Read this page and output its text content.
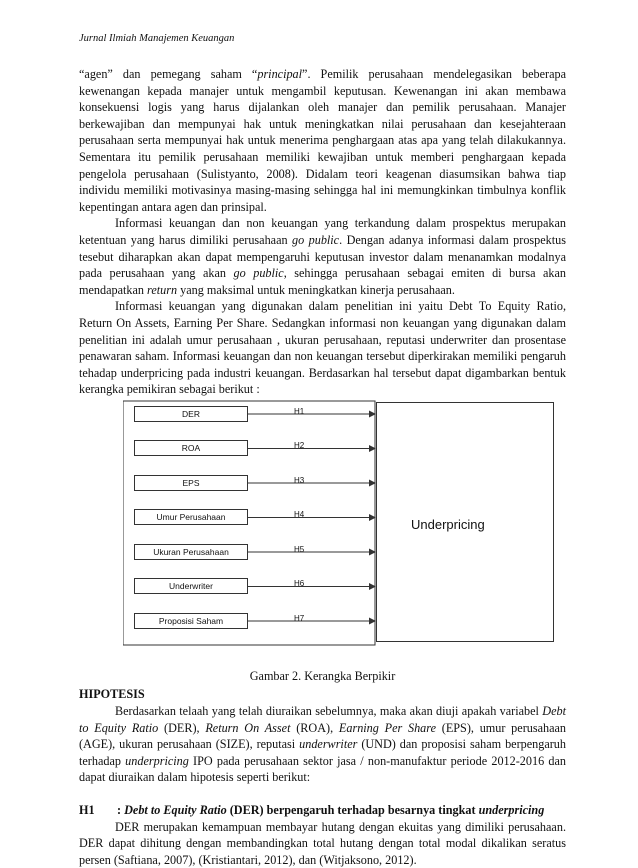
Jurnal Ilmiah Manajemen Keuangan

“agen” dan pemegang saham “principal”. Pemilik perusahaan mendelegasikan beberapa kewenangan kepada manajer untuk mengambil keputusan. Kewenangan ini akan membawa konsekuensi logis yang harus dijalankan oleh manajer dan pemilik perusahaan. Manajer berkewajiban dan mempunyai hak untuk meningkatkan nilai perusahaan dan kesejahteraan perusahaan serta mempunyai hak untuk menerima penghargaan atas apa yang telah dilakukannya. Sementara itu pemilik perusahaan memiliki kewajiban untuk memberi penghargaan kepada pengelola perusahaan (Sulistyanto, 2008). Didalam teori keagenan diasumsikan bahwa tiap individu memiliki motivasinya masing-masing sehingga hal ini memungkinkan timbulnya konflik kepentingan antara agen dan prinsipal.

Informasi keuangan dan non keuangan yang terkandung dalam prospektus merupakan ketentuan yang harus dimiliki perusahaan go public. Dengan adanya informasi dalam prospektus tesebut diharapkan akan dapat mempengaruhi keputusan investor dalam menanamkan modalnya pada perusahaan yang akan go public, sehingga perusahaan sebagai emiten di bursa akan mendapatkan return yang maksimal untuk meningkatkan kinerja perusahaan.

Informasi keuangan yang digunakan dalam penelitian ini yaitu Debt To Equity Ratio, Return On Assets, Earning Per Share. Sedangkan informasi non keuangan yang digunakan dalam penelitian ini adalah umur perusahaan , ukuran perusahaan, reputasi underwriter dan prosentase penawaran saham. Informasi keuangan dan non keuangan tersebut diperkirakan memiliki pengaruh tehadap underpricing pada industri keuangan. Berdasarkan hal tersebut dapat digambarkan bentuk kerangka pemikiran sebagai berikut :

DER	H1
ROA	H2
EPS	H3
Umur Perusahaan	H4
Ukuran Perusahaan	H5
Underwriter	H6
Proposisi Saham	H7
Underpricing

Gambar 2. Kerangka Berpikir

HIPOTESIS

Berdasarkan telaah yang telah diuraikan sebelumnya, maka akan diuji apakah variabel Debt to Equity Ratio (DER), Return On Asset (ROA), Earning Per Share (EPS), umur perusahaan (AGE), ukuran perusahaan (SIZE), reputasi underwriter (UND) dan proposisi saham berpengaruh terhadap underpricing IPO pada perusahaan sektor jasa / non-manufaktur periode 2012-2016 dan dapat diuraikan dalam hipotesis seperti berikut:

H1 : Debt to Equity Ratio (DER) berpengaruh terhadap besarnya tingkat underpricing

DER merupakan kemampuan membayar hutang dengan ekuitas yang dimiliki perusahaan. DER dapat dihitung dengan membandingkan total hutang dengan total modal dikalikan seratus persen (Saftiana, 2007), (Kristiantari, 2012), dan (Witjaksono, 2012).
